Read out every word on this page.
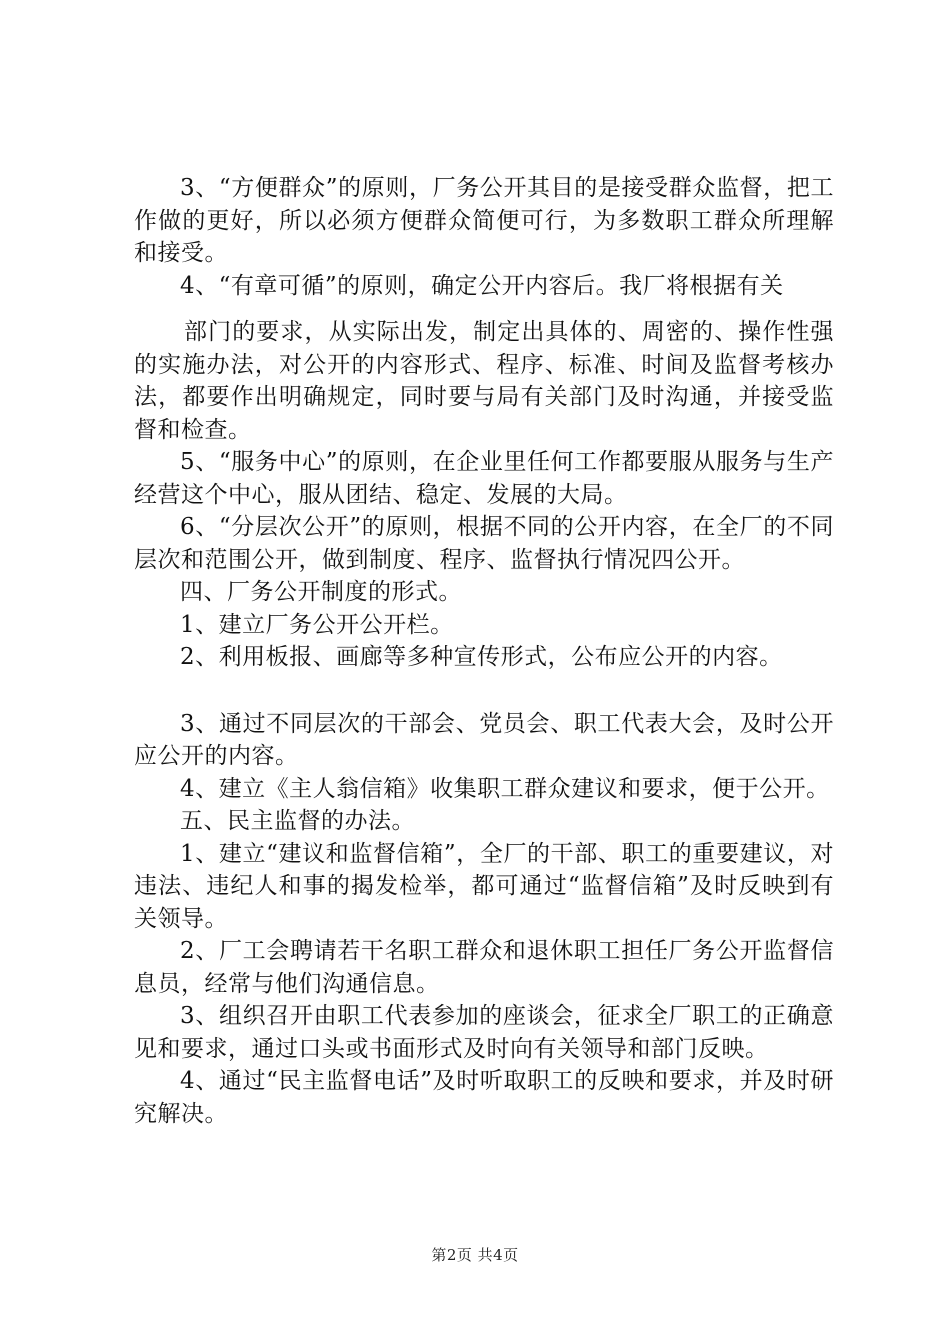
3、“方便群众”的原则，厂务公开其目的是接受群众监督，把工作做的更好，所以必须方便群众简便可行，为多数职工群众所理解和接受。

4、“有章可循”的原则，确定公开内容后。我厂将根据有关

部门的要求，从实际出发，制定出具体的、周密的、操作性强的实施办法，对公开的内容形式、程序、标准、时间及监督考核办法，都要作出明确规定，同时要与局有关部门及时沟通，并接受监督和检查。

5、“服务中心”的原则，在企业里任何工作都要服从服务与生产经营这个中心，服从团结、稳定、发展的大局。

6、“分层次公开”的原则，根据不同的公开内容，在全厂的不同层次和范围公开，做到制度、程序、监督执行情况四公开。

四、厂务公开制度的形式。

1、建立厂务公开公开栏。

2、利用板报、画廊等多种宣传形式，公布应公开的内容。

3、通过不同层次的干部会、党员会、职工代表大会，及时公开应公开的内容。

4、建立《主人翁信箱》收集职工群众建议和要求，便于公开。

五、民主监督的办法。

1、建立“建议和监督信箱”，全厂的干部、职工的重要建议，对违法、违纪人和事的揭发检举，都可通过“监督信箱”及时反映到有关领导。

2、厂工会聘请若干名职工群众和退休职工担任厂务公开监督信息员，经常与他们沟通信息。

3、组织召开由职工代表参加的座谈会，征求全厂职工的正确意见和要求，通过口头或书面形式及时向有关领导和部门反映。

4、通过“民主监督电话”及时听取职工的反映和要求，并及时研究解决。

第2页 共4页
